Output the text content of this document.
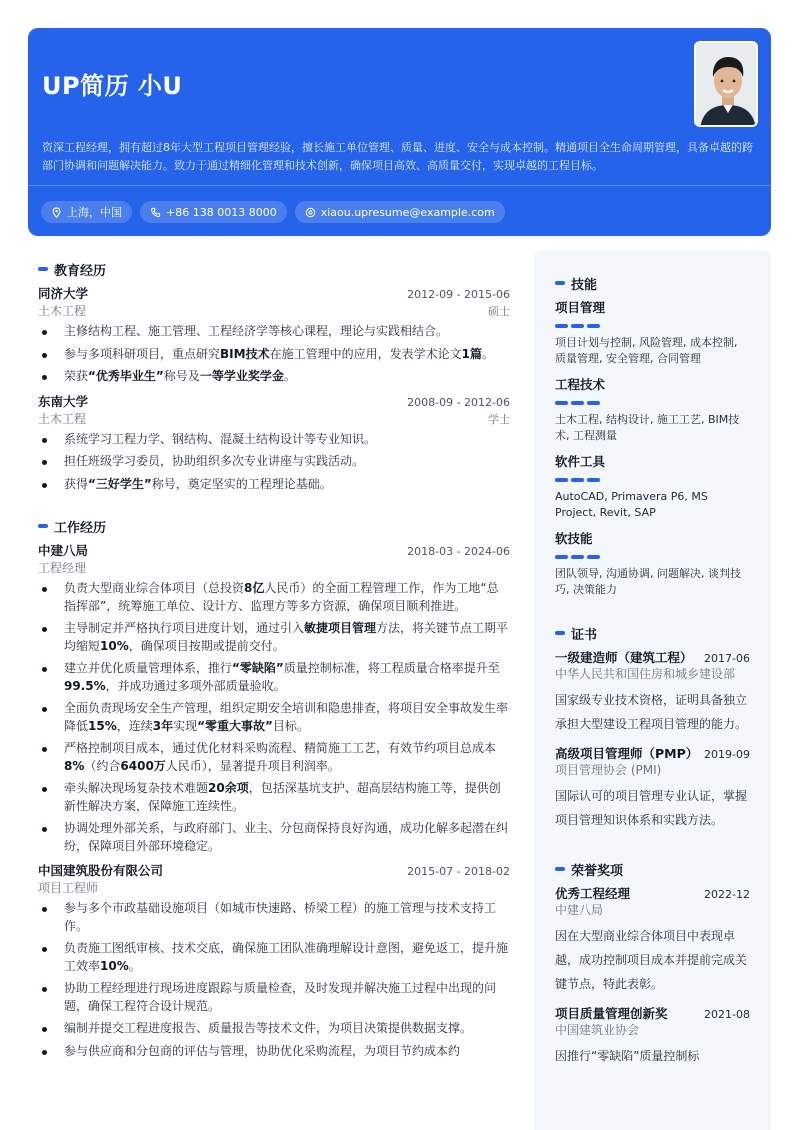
UP简历 小U
资深工程经理，拥有超过8年大型工程项目管理经验，擅长施工单位管理、质量、进度、安全与成本控制。精通项目全生命周期管理，具备卓越的跨部门协调和问题解决能力。致力于通过精细化管理和技术创新，确保项目高效、高质量交付，实现卓越的工程目标。
上海，中国	+86 138 0013 8000	xiaou.upresume@example.com
教育经历
同济大学	2012-09 - 2015-06
土木工程	硕士
主修结构工程、施工管理、工程经济学等核心课程，理论与实践相结合。
参与多项科研项目，重点研究BIM技术在施工管理中的应用，发表学术论文1篇。
荣获“优秀毕业生”称号及一等学业奖学金。
东南大学	2008-09 - 2012-06
土木工程	学士
系统学习工程力学、钢结构、混凝土结构设计等专业知识。
担任班级学习委员，协助组织多次专业讲座与实践活动。
获得“三好学生”称号，奠定坚实的工程理论基础。
工作经历
中建八局	2018-03 - 2024-06
工程经理
负责大型商业综合体项目（总投资8亿人民币）的全面工程管理工作，作为工地“总指挥部”，统筹施工单位、设计方、监理方等多方资源，确保项目顺利推进。
主导制定并严格执行项目进度计划，通过引入敏捷项目管理方法，将关键节点工期平均缩短10%，确保项目按期或提前交付。
建立并优化质量管理体系，推行“零缺陷”质量控制标准，将工程质量合格率提升至99.5%，并成功通过多项外部质量验收。
全面负责现场安全生产管理，组织定期安全培训和隐患排查，将项目安全事故发生率降低15%，连续3年实现“零重大事故”目标。
严格控制项目成本，通过优化材料采购流程、精简施工工艺，有效节约项目总成本8%（约合6400万人民币），显著提升项目利润率。
牵头解决现场复杂技术难题20余项，包括深基坑支护、超高层结构施工等，提供创新性解决方案，保障施工连续性。
协调处理外部关系，与政府部门、业主、分包商保持良好沟通，成功化解多起潜在纠纷，保障项目外部环境稳定。
中国建筑股份有限公司	2015-07 - 2018-02
项目工程师
参与多个市政基础设施项目（如城市快速路、桥梁工程）的施工管理与技术支持工作。
负责施工图纸审核、技术交底，确保施工团队准确理解设计意图，避免返工，提升施工效率10%。
协助工程经理进行现场进度跟踪与质量检查，及时发现并解决施工过程中出现的问题，确保工程符合设计规范。
编制并提交工程进度报告、质量报告等技术文件，为项目决策提供数据支撑。
参与供应商和分包商的评估与管理，协助优化采购流程，为项目节约成本约
技能
项目管理
项目计划与控制, 风险管理, 成本控制, 质量管理, 安全管理, 合同管理
工程技术
土木工程, 结构设计, 施工工艺, BIM技术, 工程测量
软件工具
AutoCAD, Primavera P6, MS Project, Revit, SAP
软技能
团队领导, 沟通协调, 问题解决, 谈判技巧, 决策能力
证书
一级建造师（建筑工程） 2017-06
中华人民共和国住房和城乡建设部
国家级专业技术资格，证明具备独立承担大型建设工程项目管理的能力。
高级项目管理师（PMP） 2019-09
项目管理协会 (PMI)
国际认可的项目管理专业认证，掌握项目管理知识体系和实践方法。
荣誉奖项
优秀工程经理	2022-12
中建八局
因在大型商业综合体项目中表现卓越，成功控制项目成本并提前完成关键节点，特此表彰。
项目质量管理创新奖	2021-08
中国建筑业协会
因推行“零缺陷”质量控制标
